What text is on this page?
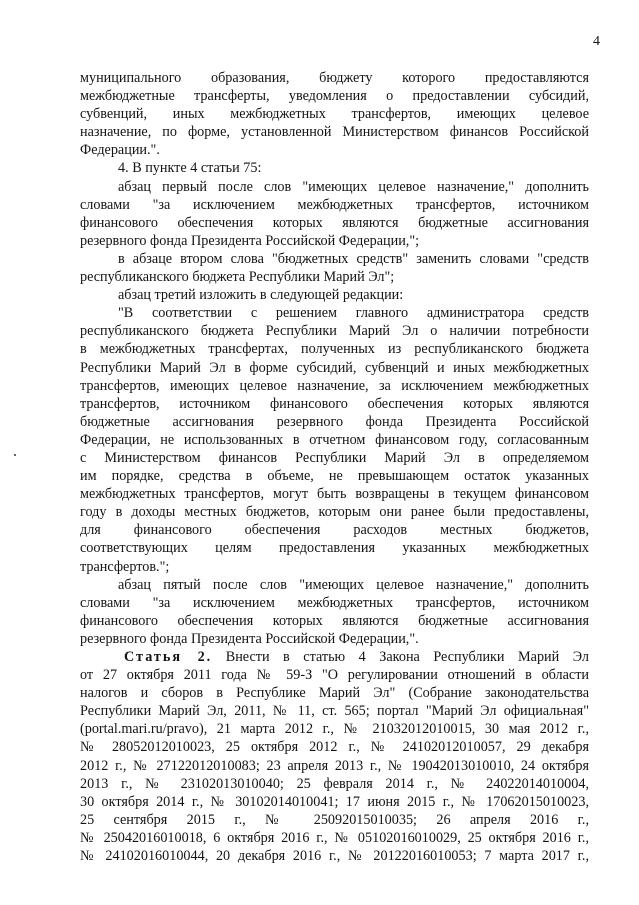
4
муниципального образования, бюджету которого предоставляются
межбюджетные трансферты, уведомления о предоставлении субсидий,
субвенций, иных межбюджетных трансфертов, имеющих целевое
назначение, по форме, установленной Министерством финансов Российской
Федерации.".
4. В пункте 4 статьи 75:
абзац первый после слов "имеющих целевое назначение," дополнить
словами "за исключением межбюджетных трансфертов, источником
финансового обеспечения которых являются бюджетные ассигнования
резервного фонда Президента Российской Федерации,";
в абзаце втором слова "бюджетных средств" заменить словами "средств
республиканского бюджета Республики Марий Эл";
абзац третий изложить в следующей редакции:
"В соответствии с решением главного администратора средств
республиканского бюджета Республики Марий Эл о наличии потребности
в межбюджетных трансфертах, полученных из республиканского бюджета
Республики Марий Эл в форме субсидий, субвенций и иных межбюджетных
трансфертов, имеющих целевое назначение, за исключением межбюджетных
трансфертов, источником финансового обеспечения которых являются
бюджетные ассигнования резервного фонда Президента Российской
Федерации, не использованных в отчетном финансовом году, согласованным
с Министерством финансов Республики Марий Эл в определяемом
им порядке, средства в объеме, не превышающем остаток указанных
межбюджетных трансфертов, могут быть возвращены в текущем финансовом
году в доходы местных бюджетов, которым они ранее были предоставлены,
для финансового обеспечения расходов местных бюджетов,
соответствующих целям предоставления указанных межбюджетных
трансфертов.";
абзац пятый после слов "имеющих целевое назначение," дополнить
словами "за исключением межбюджетных трансфертов, источником
финансового обеспечения которых являются бюджетные ассигнования
резервного фонда Президента Российской Федерации,".
Статья 2. Внести в статью 4 Закона Республики Марий Эл
от 27 октября 2011 года № 59-З "О регулировании отношений в области
налогов и сборов в Республике Марий Эл" (Собрание законодательства
Республики Марий Эл, 2011, № 11, ст. 565; портал "Марий Эл официальная"
(portal.mari.ru/pravo), 21 марта 2012 г., № 21032012010015, 30 мая 2012 г.,
№ 28052012010023, 25 октября 2012 г., № 24102012010057, 29 декабря
2012 г., № 27122012010083; 23 апреля 2013 г., № 19042013010010, 24 октября
2013 г., № 23102013010040; 25 февраля 2014 г., № 24022014010004,
30 октября 2014 г., № 30102014010041; 17 июня 2015 г., № 17062015010023,
25 сентября 2015 г., № 25092015010035; 26 апреля 2016 г.,
№ 25042016010018, 6 октября 2016 г., № 05102016010029, 25 октября 2016 г.,
№ 24102016010044, 20 декабря 2016 г., № 20122016010053; 7 марта 2017 г.,
